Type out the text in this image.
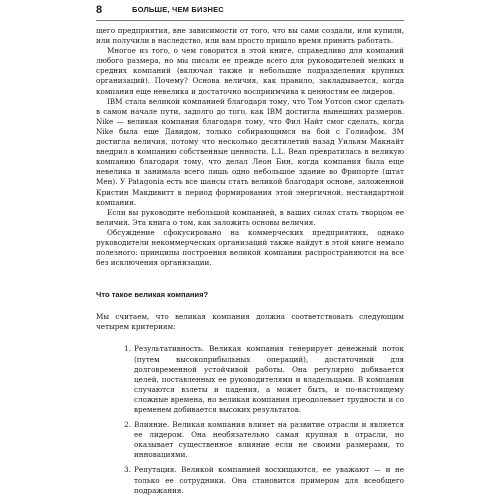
8	БОЛЬШЕ, ЧЕМ БИЗНЕС

щего предприятия, вне зависимости от того, что вы сами создали, или купили, или получили в наследство, или вам просто пришло время принять работать.

Многое из того, о чем говорится в этой книге, справедливо для компаний любого размера, но мы писали ее прежде всего для руководителей мелких и средних компаний (включая также и небольшие подразделения крупных организаций). Почему? Основа величия, как правило, закладывается, когда компания еще невелика и достаточно восприимчива к ценностям ее лидеров.

IBM стала великой компанией благодаря тому, что Том Уотсон смог сделать в самом начале пути, задолго до того, как IBM достигла нынешних размеров. Nike — великая компания благодаря тому, что Фил Найт смог сделать, когда Nike была еще Давидом, только собирающимся на бой с Голиафом. 3M достигла величия, потому что несколько десятилетий назад Уильям Макнайт внедрил в компанию собственные ценности. L.L. Bean превратилась в великую компанию благодаря тому, что делал Леон Бин, когда компания была еще невелика и занимала всего лишь одно небольшое здание во Фрипорте (штат Мен). У Patagonia есть все шансы стать великой благодаря основе, заложенной Кристин Макдивитт в период формирования этой энергичной, нестандартной компании.

Если вы руководите небольшой компанией, в ваших силах стать творцом ее величия. Эта книга о том, как заложить основы величия.

Обсуждение сфокусировано на коммерческих предприятиях, однако руководители некоммерческих организаций также найдут в этой книге немало полезного: принципы построения великой компании распространяются на все без исключения организации.

Что такое великая компания?

Мы считаем, что великая компания должна соответствовать следующим четырем критериям:

1. Результативность. Великая компания генерирует денежный поток (путем высокоприбыльных операций), достаточный для долговременной устойчивой работы. Она регулярно добивается целей, поставленных ее руководителями и владельцами. В компании случаются взлеты и падения, а может быть, и по-настоящему сложные времена, но великая компания преодолевает трудности и со временем добивается высоких результатов.
2. Влияние. Великая компания влияет на развитие отрасли и является ее лидером. Она необязательно самая крупная в отрасли, но оказывает существенное влияние если не своими размерами, то инновациями.
3. Репутация. Великой компанией восхищаются, ее уважают — и не только ее сотрудники. Она становится примером для всеобщего подражания.
